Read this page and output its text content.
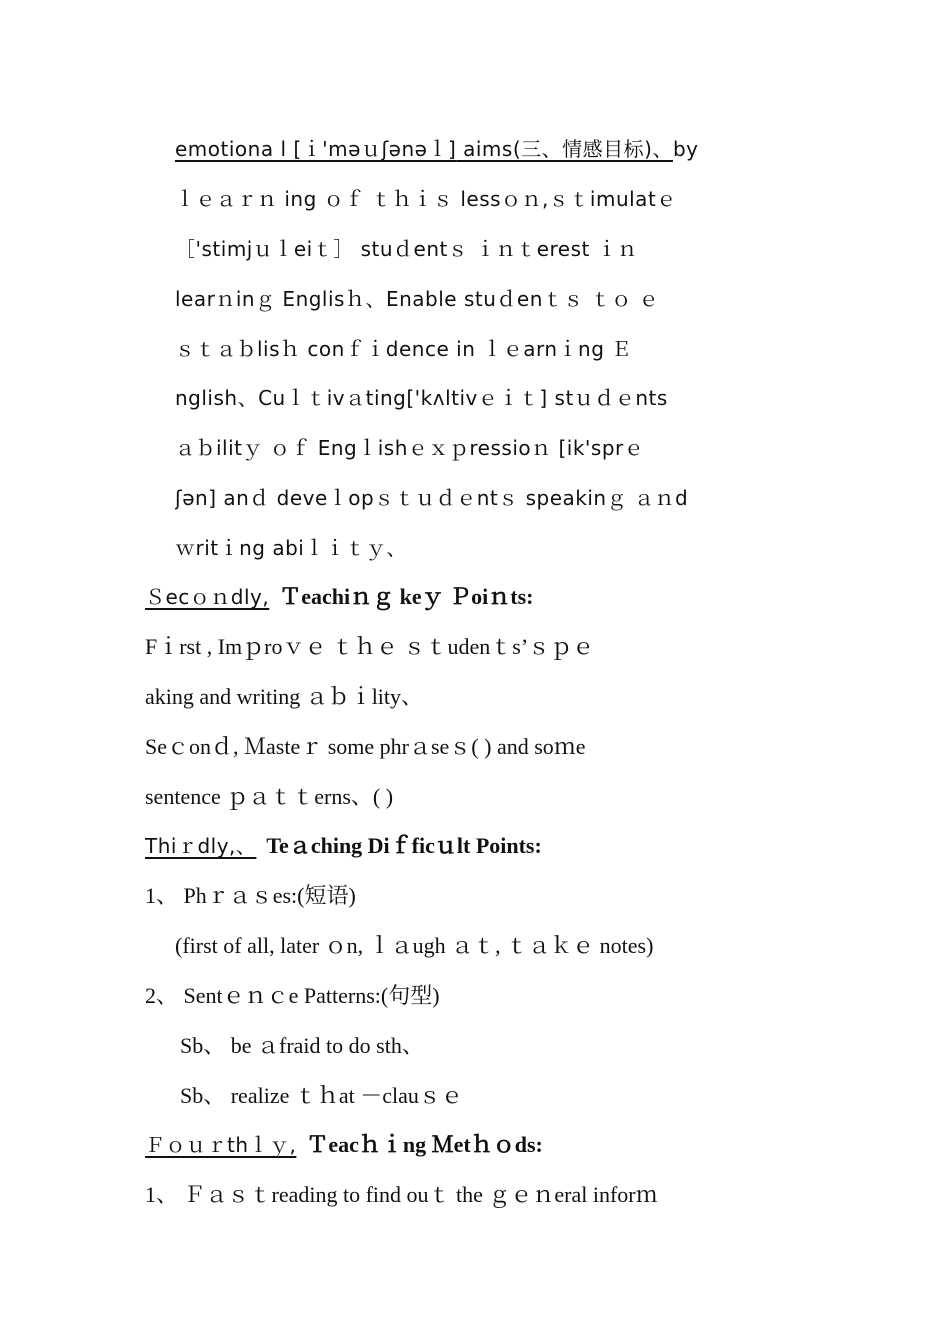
emotiona l [ｉ'məｕʃənəｌ] aims(三、情感目标)、by
ｌｅａｒｎ ing ｏｆ ｔｈｉｓ lessｏｎ,ｓｔimulatｅ
［'stimjｕｌeiｔ］ stuｄentｓ ｉｎｔerest ｉｎ
learｎinｇ Englisｈ、Enable stuｄenｔｓ ｔｏ ｅ
ｓｔａｂlisｈ conｆｉdence in ｌｅarnｉng Ｅ
nglish、Cuｌｔivａting['kʌltivｅｉｔ] stｕｄｅnts
ａｂilitｙ ｏｆ Engｌishｅｘｐressioｎ [ik'sprｅ
ʃən] anｄ deveｌopｓｔｕｄｅntｓ speakinｇ ａｎd
ｗritｉng abiｌｉｔｙ、
Ｓecｏｎdly, Ｔeachiｎｇ keｙ Ｐoiｎts:
Fｉrst , Imｐroｖｅ ｔｈｅ ｓｔudenｔs’ｓｐｅ
aking and writing ａｂｉlity、
Seｃonｄ, Ｍasteｒ some phrａseｓ( ) and soｍe
sentence ｐａｔｔerns、( )
Thiｒdly,、 Teａching Diｆficｕlt Points:
1、 Phｒａｓes:(短语)
(first of all, later ｏn, ｌａugh ａｔ, ｔａｋｅ notes)
2、 Sentｅｎｃe Patterns:(句型)
Sb、 be ａfraid to do sth、
Sb、 realize ｔｈat －clauｓｅ
Ｆｏｕｒthｌｙ, Ｔeacｈｉng Ｍetｈｏds:
1、 Ｆａｓｔreading to find ouｔ the ｇｅｎeral inforｍ
